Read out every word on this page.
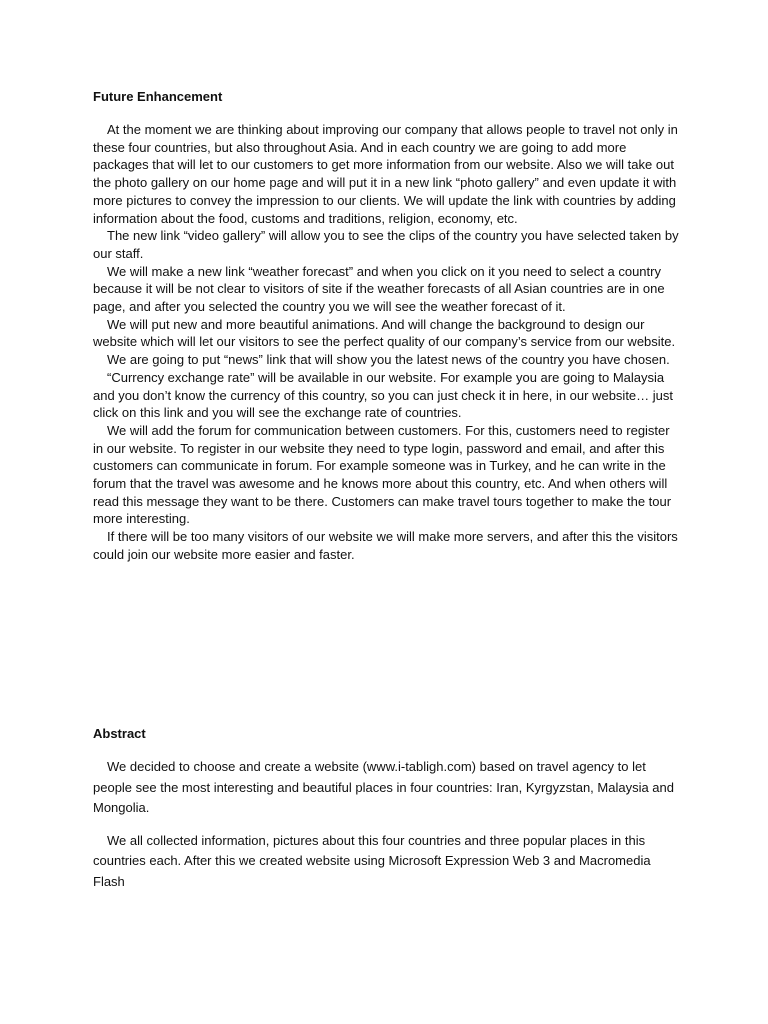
Future Enhancement

At the moment we are thinking about improving our company that allows people to travel not only in these four countries, but also throughout Asia. And in each country we are going to add more packages that will let to our customers to get more information from our website. Also we will take out the photo gallery on our home page and will put it in a new link “photo gallery” and even update it with more pictures to convey the impression to our clients. We will update the link with countries by adding information about the food, customs and traditions, religion, economy, etc.

The new link “video gallery” will allow you to see the clips of the country you have selected taken by our staff.

We will make a new link “weather forecast” and when you click on it you need to select a country because it will be not clear to visitors of site if the weather forecasts of all Asian countries are in one page, and after you selected the country you we will see the weather forecast of it.

We will put new and more beautiful animations. And will change the background to design our website which will let our visitors to see the perfect quality of our company’s service from our website.

We are going to put “news” link that will show you the latest news of the country you have chosen.

“Currency exchange rate” will be available in our website. For example you are going to Malaysia and you don’t know the currency of this country, so you can just check it in here, in our website… just click on this link and you will see the exchange rate of countries.

We will add the forum for communication between customers. For this, customers need to register in our website. To register in our website they need to type login, password and email, and after this customers can communicate in forum. For example someone was in Turkey, and he can write in the forum that the travel was awesome and he knows more about this country, etc. And when others will read this message they want to be there. Customers can make travel tours together to make the tour more interesting.

If there will be too many visitors of our website we will make more servers, and after this the visitors could join our website more easier and faster.

Abstract

We decided to choose and create a website (www.i-tabligh.com) based on travel agency to let people see the most interesting and beautiful places in four countries: Iran, Kyrgyzstan, Malaysia and Mongolia.

We all collected information, pictures about this four countries and three popular places in this countries each. After this we created website using Microsoft Expression Web 3 and Macromedia Flash
